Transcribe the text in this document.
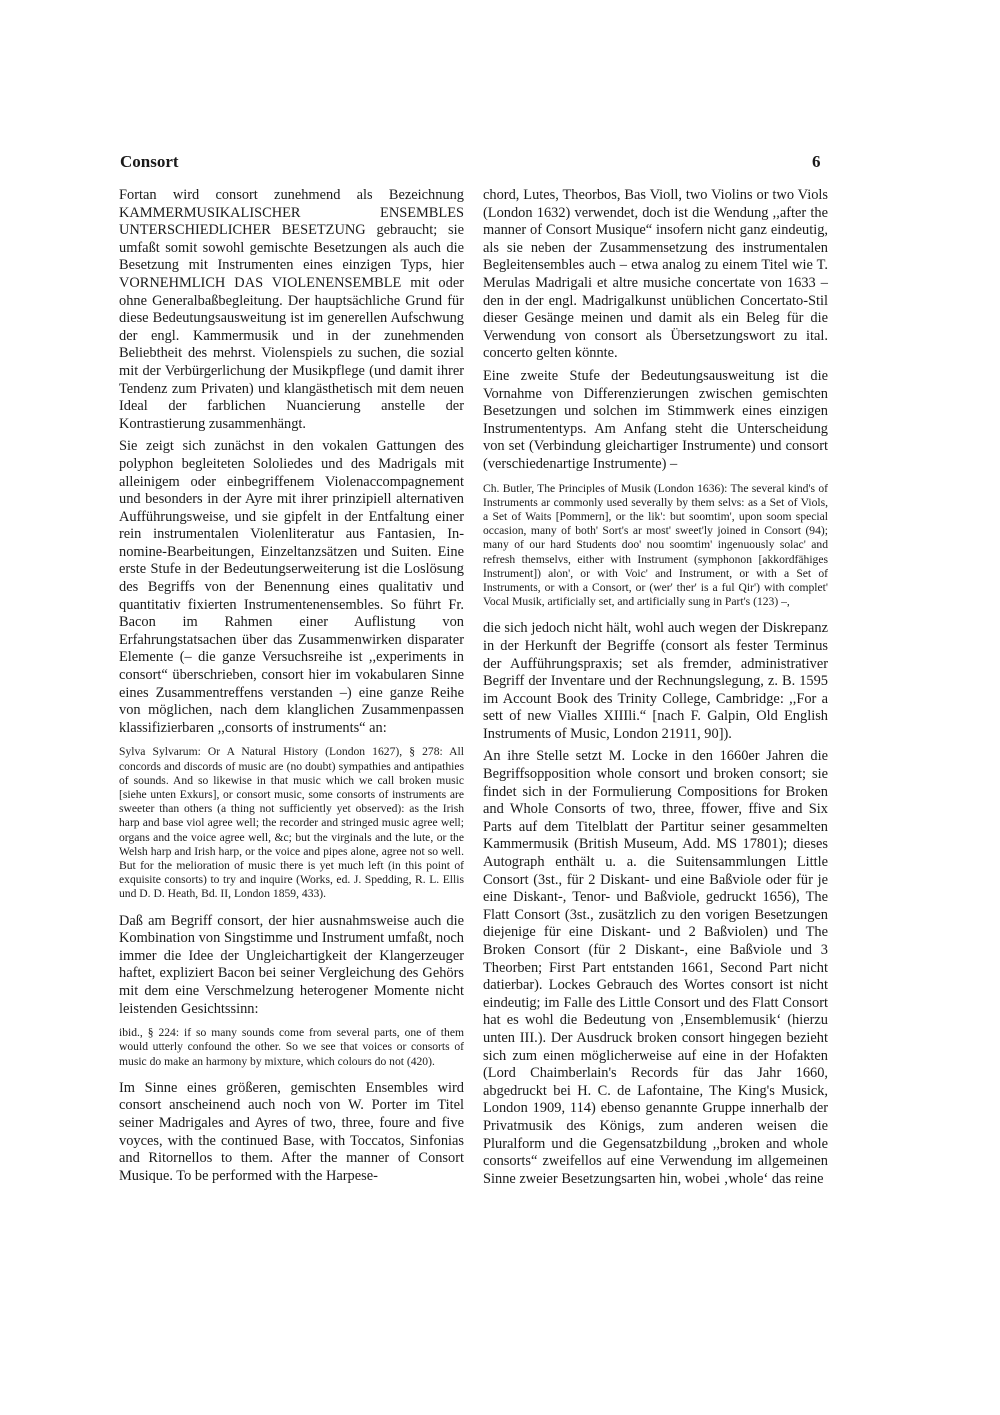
Consort	6

Fortan wird consort zunehmend als Bezeichnung KAMMERMUSIKALISCHER ENSEMBLES UNTERSCHIEDLICHER BESETZUNG gebraucht; sie umfaßt somit sowohl gemischte Besetzungen als auch die Besetzung mit Instrumenten eines einzigen Typs, hier VORNEHMLICH DAS VIOLENENSEMBLE mit oder ohne Generalbaßbegleitung. Der hauptsächliche Grund für diese Bedeutungsausweitung ist im generellen Aufschwung der engl. Kammermusik und in der zunehmenden Beliebtheit des mehrst. Violenspiels zu suchen, die sozial mit der Verbürgerlichung der Musikpflege (und damit ihrer Tendenz zum Privaten) und klangästhetisch mit dem neuen Ideal der farblichen Nuancierung anstelle der Kontrastierung zusammenhängt.

Sie zeigt sich zunächst in den vokalen Gattungen des polyphon begleiteten Sololiedes und des Madrigals mit alleinigem oder einbegriffenem Violenaccompagnement und besonders in der Ayre mit ihrer prinzipiell alternativen Aufführungsweise, und sie gipfelt in der Entfaltung einer rein instrumentalen Violenliteratur aus Fantasien, In-nomine-Bearbeitungen, Einzeltanzsätzen und Suiten. Eine erste Stufe in der Bedeutungserweiterung ist die Loslösung des Begriffs von der Benennung eines qualitativ und quantitativ fixierten Instrumentenensembles. So führt Fr. Bacon im Rahmen einer Auflistung von Erfahrungstatsachen über das Zusammenwirken disparater Elemente (– die ganze Versuchsreihe ist ,,experiments in consort“ überschrieben, consort hier im vokabularen Sinne eines Zusammentreffens verstanden –) eine ganze Reihe von möglichen, nach dem klanglichen Zusammenpassen klassifizierbaren ,,consorts of instruments“ an:

Sylva Sylvarum: Or A Natural History (London 1627), § 278: All concords and discords of music are (no doubt) sympathies and antipathies of sounds. And so likewise in that music which we call broken music [siehe unten Exkurs], or consort music, some consorts of instruments are sweeter than others (a thing not sufficiently yet observed): as the Irish harp and base viol agree well; the recorder and stringed music agree well; organs and the voice agree well, &c; but the virginals and the lute, or the Welsh harp and Irish harp, or the voice and pipes alone, agree not so well. But for the melioration of music there is yet much left (in this point of exquisite consorts) to try and inquire (Works, ed. J. Spedding, R. L. Ellis und D. D. Heath, Bd. II, London 1859, 433).

Daß am Begriff consort, der hier ausnahmsweise auch die Kombination von Singstimme und Instrument umfaßt, noch immer die Idee der Ungleichartigkeit der Klangerzeuger haftet, expliziert Bacon bei seiner Vergleichung des Gehörs mit dem eine Verschmelzung heterogener Momente nicht leistenden Gesichtssinn:

ibid., § 224: if so many sounds come from several parts, one of them would utterly confound the other. So we see that voices or consorts of music do make an harmony by mixture, which colours do not (420).

Im Sinne eines größeren, gemischten Ensembles wird consort anscheinend auch noch von W. Porter im Titel seiner Madrigales and Ayres of two, three, foure and five voyces, with the continued Base, with Toccatos, Sinfonias and Ritornellos to them. After the manner of Consort Musique. To be performed with the Harpese-

chord, Lutes, Theorbos, Bas Violl, two Violins or two Viols (London 1632) verwendet, doch ist die Wendung ,,after the manner of Consort Musique“ insofern nicht ganz eindeutig, als sie neben der Zusammensetzung des instrumentalen Begleitensembles auch – etwa analog zu einem Titel wie T. Merulas Madrigali et altre musiche concertate von 1633 – den in der engl. Madrigalkunst unüblichen Concertato-Stil dieser Gesänge meinen und damit als ein Beleg für die Verwendung von consort als Übersetzungswort zu ital. concerto gelten könnte.

Eine zweite Stufe der Bedeutungsausweitung ist die Vornahme von Differenzierungen zwischen gemischten Besetzungen und solchen im Stimmwerk eines einzigen Instrumententyps. Am Anfang steht die Unterscheidung von set (Verbindung gleichartiger Instrumente) und consort (verschiedenartige Instrumente) –

Ch. Butler, The Principles of Musik (London 1636): The several kind's of Instruments ar commonly used severally by them selvs: as a Set of Viols, a Set of Waits [Pommern], or the lik': but soomtim', upon soom special occasion, many of both' Sort's ar most' sweet'ly joined in Consort (94); many of our hard Students doo' nou soomtim' ingenuously solac' and refresh themselvs, either with Instrument (symphonon [akkordfähiges Instrument]) alon', or with Voic' and Instrument, or with a Set of Instruments, or with a Consort, or (wer' ther' is a ful Qir') with complet' Vocal Musik, artificially set, and artificially sung in Part's (123) –,

die sich jedoch nicht hält, wohl auch wegen der Diskrepanz in der Herkunft der Begriffe (consort als fester Terminus der Aufführungspraxis; set als fremder, administrativer Begriff der Inventare und der Rechnungslegung, z. B. 1595 im Account Book des Trinity College, Cambridge: ,,For a sett of new Vialles XIIIli.“ [nach F. Galpin, Old English Instruments of Music, London 21911, 90]).

An ihre Stelle setzt M. Locke in den 1660er Jahren die Begriffsopposition whole consort und broken consort; sie findet sich in der Formulierung Compositions for Broken and Whole Consorts of two, three, ffower, ffive and Six Parts auf dem Titelblatt der Partitur seiner gesammelten Kammermusik (British Museum, Add. MS 17801); dieses Autograph enthält u. a. die Suitensammlungen Little Consort (3st., für 2 Diskant- und eine Baßviole oder für je eine Diskant-, Tenor- und Baßviole, gedruckt 1656), The Flatt Consort (3st., zusätzlich zu den vorigen Besetzungen diejenige für eine Diskant- und 2 Baßviolen) und The Broken Consort (für 2 Diskant-, eine Baßviole und 3 Theorben; First Part entstanden 1661, Second Part nicht datierbar). Lockes Gebrauch des Wortes consort ist nicht eindeutig; im Falle des Little Consort und des Flatt Consort hat es wohl die Bedeutung von ‚Ensemblemusik‘ (hierzu unten III.). Der Ausdruck broken consort hingegen bezieht sich zum einen möglicherweise auf eine in der Hofakten (Lord Chaimberlain's Records für das Jahr 1660, abgedruckt bei H. C. de Lafontaine, The King's Musick, London 1909, 114) ebenso genannte Gruppe innerhalb der Privatmusik des Königs, zum anderen weisen die Pluralform und die Gegensatzbildung ,,broken and whole consorts“ zweifellos auf eine Verwendung im allgemeinen Sinne zweier Besetzungsarten hin, wobei ‚whole‘ das reine
